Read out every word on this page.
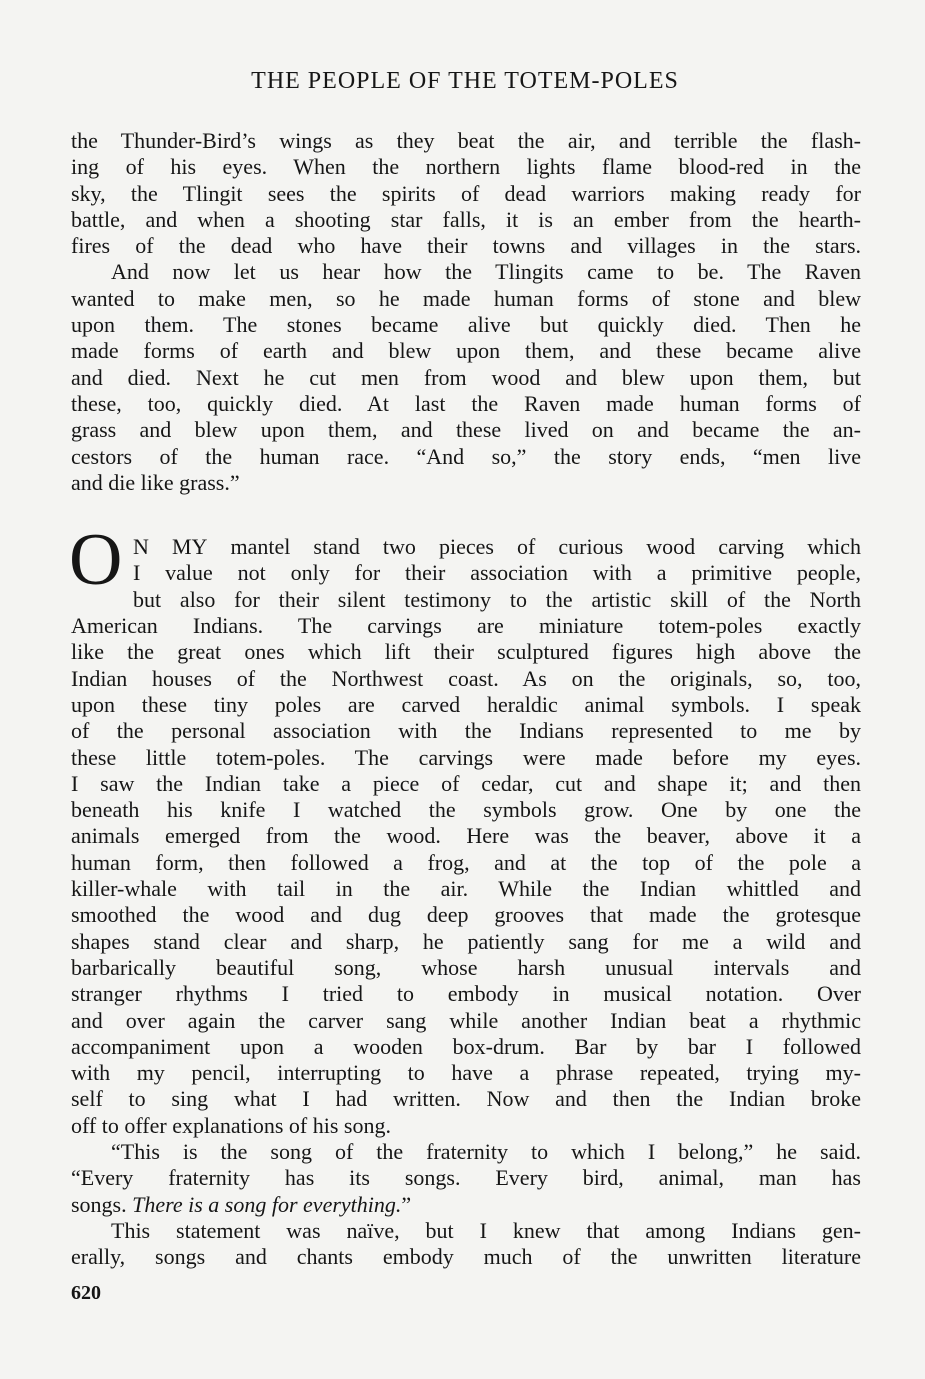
THE PEOPLE OF THE TOTEM-POLES
the Thunder-Bird’s wings as they beat the air, and terrible the flash-
ing of his eyes. When the northern lights flame blood-red in the
sky, the Tlingit sees the spirits of dead warriors making ready for
battle, and when a shooting star falls, it is an ember from the hearth-
fires of the dead who have their towns and villages in the stars.
And now let us hear how the Tlingits came to be. The Raven
wanted to make men, so he made human forms of stone and blew
upon them. The stones became alive but quickly died. Then he
made forms of earth and blew upon them, and these became alive
and died. Next he cut men from wood and blew upon them, but
these, too, quickly died. At last the Raven made human forms of
grass and blew upon them, and these lived on and became the an-
cestors of the human race. “And so,” the story ends, “men live
and die like grass.”
N MY mantel stand two pieces of curious wood carving which
I value not only for their association with a primitive people,
but also for their silent testimony to the artistic skill of the North
American Indians. The carvings are miniature totem-poles exactly
like the great ones which lift their sculptured figures high above the
Indian houses of the Northwest coast. As on the originals, so, too,
upon these tiny poles are carved heraldic animal symbols. I speak
of the personal association with the Indians represented to me by
these little totem-poles. The carvings were made before my eyes.
I saw the Indian take a piece of cedar, cut and shape it; and then
beneath his knife I watched the symbols grow. One by one the
animals emerged from the wood. Here was the beaver, above it a
human form, then followed a frog, and at the top of the pole a
killer-whale with tail in the air. While the Indian whittled and
smoothed the wood and dug deep grooves that made the grotesque
shapes stand clear and sharp, he patiently sang for me a wild and
barbarically beautiful song, whose harsh unusual intervals and
stranger rhythms I tried to embody in musical notation. Over
and over again the carver sang while another Indian beat a rhythmic
accompaniment upon a wooden box-drum. Bar by bar I followed
with my pencil, interrupting to have a phrase repeated, trying my-
self to sing what I had written. Now and then the Indian broke
off to offer explanations of his song.
“This is the song of the fraternity to which I belong,” he said.
“Every fraternity has its songs. Every bird, animal, man has
songs. There is a song for everything.”
This statement was naïve, but I knew that among Indians gen-
erally, songs and chants embody much of the unwritten literature
O
620
